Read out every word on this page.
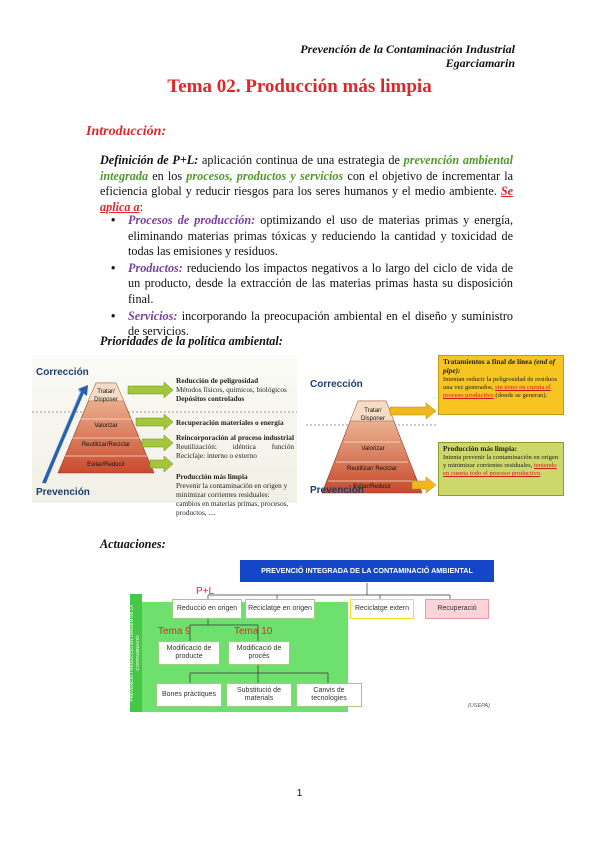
Prevención de la Contaminación Industrial
Egarciamarin
Tema 02. Producción más limpia
Introducción:
Definición de P+L: aplicación continua de una estrategia de prevención ambiental integrada en los procesos, productos y servicios con el objetivo de incrementar la eficiencia global y reducir riesgos para los seres humanos y el medio ambiente. Se aplica a:
• Procesos de producción: optimizando el uso de materias primas y energía, eliminando materias primas tóxicas y reduciendo la cantidad y toxicidad de todas las emisiones y residuos.
• Productos: reduciendo los impactos negativos a lo largo del ciclo de vida de un producto, desde la extracción de las materias primas hasta su disposición final.
• Servicios: incorporando la preocupación ambiental en el diseño y suministro de servicios.
Prioridades de la política ambiental:
Corrección
Prevención
Tratar/ Disposer
Valorizar
Reutilizar/Reciclar
Evitar/Reducir
Reducción de peligrosidad
Métodos físicos, químicos, biológicos
Depósitos controlados
Recuperación materiales o energía
Reincorporación al proceso industrial Reutilización: idéntica función Reciclaje: interno o externo
Producción más limpia
Prevenir la contaminación en origen y minimizar corrientes residuales: cambios en materias primas, procesos, productos, ....
Corrección
Prevención
Tratar/ Disponer
Valorizar
Reutilizar/ Reciclar
Evitar/Reducir
Tratamientos a final de línea (end of pipe):
Intentan reducir la peligrosidad de residuos una vez generados, sin tener en cuenta el proceso productivo (donde se generan).
Producción más limpia:
Intenta prevenir la contaminación en origen y minimizar corrientes residuales, teniendo en cuenta todo el proceso productivo.
Actuaciones:
PREVENCIÓ INTEGRADA DE LA CONTAMINACIÓ AMBIENTAL
P+L
PREVENCIÓ I REDUCCIÓ EN ORIGEN DE LA CONTAMINACIÓ
Reducció en origen	Reciclatge en origen	Reciclatge extern	Recuperació
Tema 9	Tema 10
Modificació de producte
Modificació de procés
Bones pràctiques
Substitució de materials
Canvis de tecnologies
(USEPA)
1
